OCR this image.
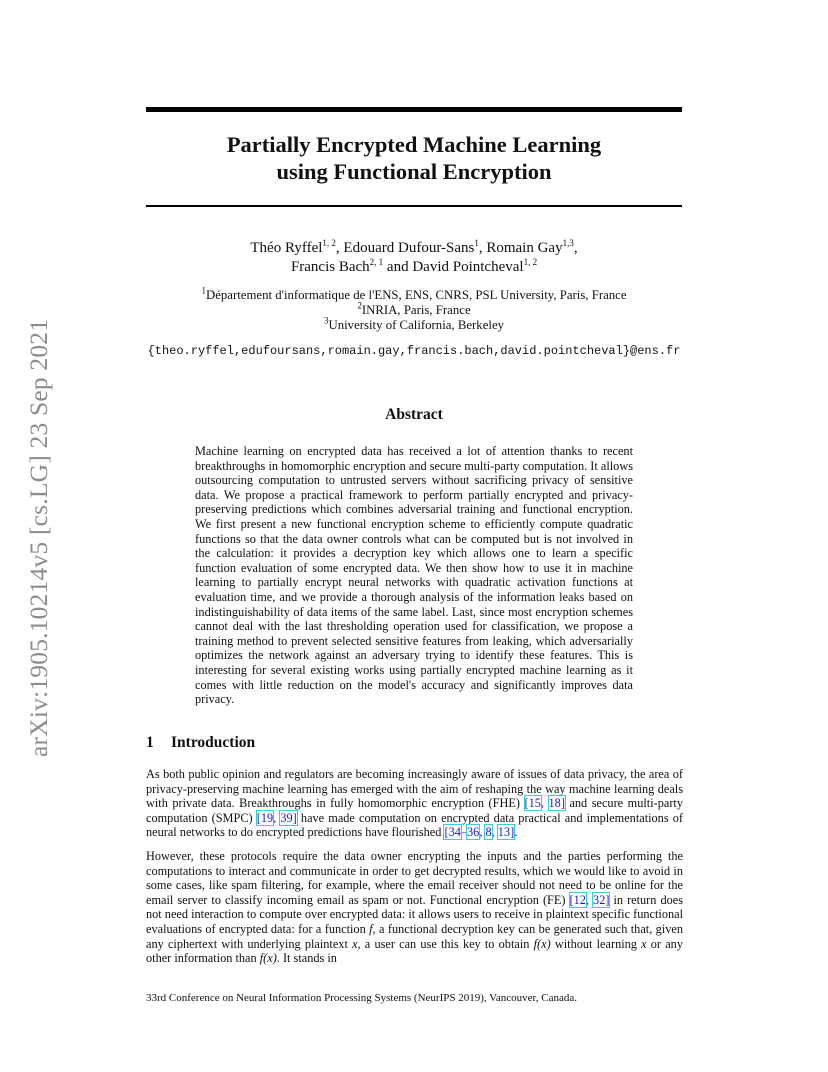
Partially Encrypted Machine Learning
using Functional Encryption
Théo Ryffel$^{1, 2}$, Edouard Dufour-Sans$^1$, Romain Gay$^{1,3}$,
Francis Bach$^{2, 1}$ and David Pointcheval$^{1, 2}$
$^1$Département d'informatique de l'ENS, ENS, CNRS, PSL University, Paris, France
$^2$INRIA, Paris, France
$^3$University of California, Berkeley
{theo.ryffel,edufoursans,romain.gay,francis.bach,david.pointcheval}@ens.fr
arXiv:1905.10214v5 [cs.LG] 23 Sep 2021	Abstract
Machine learning on encrypted data has received a lot of attention thanks to recent breakthroughs in homomorphic encryption and secure multi-party computation. It allows outsourcing computation to untrusted servers without sacrificing privacy of sensitive data. We propose a practical framework to perform partially encrypted and privacy-preserving predictions which combines adversarial training and functional encryption. We first present a new functional encryption scheme to efficiently compute quadratic functions so that the data owner controls what can be computed but is not involved in the calculation: it provides a decryption key which allows one to learn a specific function evaluation of some encrypted data. We then show how to use it in machine learning to partially encrypt neural networks with quadratic activation functions at evaluation time, and we provide a thorough analysis of the information leaks based on indistinguishability of data items of the same label. Last, since most encryption schemes cannot deal with the last thresholding operation used for classification, we propose a training method to prevent selected sensitive features from leaking, which adversarially optimizes the network against an adversary trying to identify these features. This is interesting for several existing works using partially encrypted machine learning as it comes with little reduction on the model's accuracy and significantly improves data privacy.
1 Introduction
As both public opinion and regulators are becoming increasingly aware of issues of data privacy, the area of privacy-preserving machine learning has emerged with the aim of reshaping the way machine learning deals with private data. Breakthroughs in fully homomorphic encryption (FHE) [15, 18] and secure multi-party computation (SMPC) [19, 39] have made computation on encrypted data practical and implementations of neural networks to do encrypted predictions have flourished [34–36, 8, 13].
However, these protocols require the data owner encrypting the inputs and the parties performing the computations to interact and communicate in order to get decrypted results, which we would like to avoid in some cases, like spam filtering, for example, where the email receiver should not need to be online for the email server to classify incoming email as spam or not. Functional encryption (FE) [12, 32] in return does not need interaction to compute over encrypted data: it allows users to receive in plaintext specific functional evaluations of encrypted data: for a function f, a functional decryption key can be generated such that, given any ciphertext with underlying plaintext x, a user can use this key to obtain f(x) without learning x or any other information than f(x). It stands in
33rd Conference on Neural Information Processing Systems (NeurIPS 2019), Vancouver, Canada.
